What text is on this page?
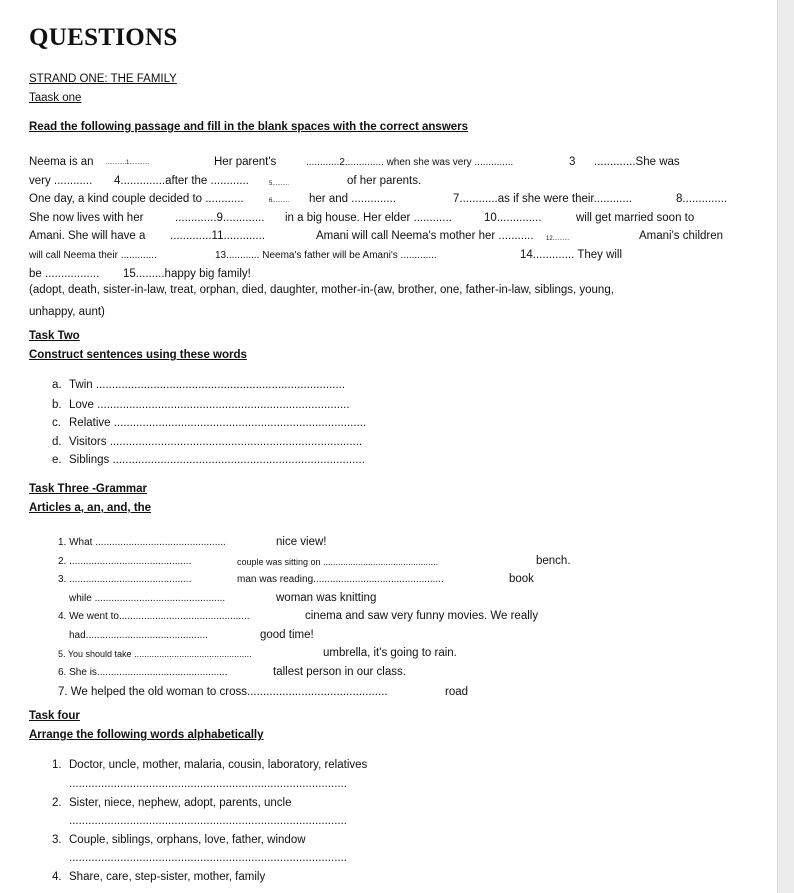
QUESTIONS
STRAND ONE: THE FAMILY
Taask one
Read the following passage and fill in the blank spaces with the correct answers
Neema is an ............1............	Her parent's	............2.............. when she was very ..............	3 .............She was
very ............ 4..............after the ............	5..........	of her parents.
One day, a kind couple decided to ............	6.......... her and ..............	7............as if she were their............	8..............
She now lives with her	.............9............. in a big house. Her elder ............	10..............	will get married soon to
Amani. She will have a .............11.............	Amani will call Neema's mother her ........... 12..........	Amani's children
will call Neema their .............	13............ Neema's father will be Amani's .............	14............. They will
be ................. 15.........happy big family!
(adopt, death, sister-in-law, treat, orphan, died, daughter, mother-in-(aw, brother, one, father-in-law, siblings, young,
unhappy, aunt)
Task Two
Construct sentences using these words
a. Twin ..............................................................................
b. Love ...............................................................................
c. Relative ...............................................................................
d. Visitors ...............................................................................
e. Siblings ...............................................................................
Task Three -Grammar
Articles a, an, and, the
1. What ...............................................	nice view!
2. ............................................	couple was sitting on ..............................................	bench.
3. ............................................	man was reading...............................................	book
while ...............................................	woman was knitting
4. We went to...............................................	cinema and saw very funny movies. We really
had............................................	good time!
5. You should take ...............................................	umbrella, it's going to rain.
6. She is...............................................	tallest person in our class.
7. We helped the old woman to cross............................................	road
Task four
Arrange the following words alphabetically
1. Doctor, uncle, mother, malaria, cousin, laboratory, relatives
.......................................................................................
2. Sister, niece, nephew, adopt, parents, uncle
.......................................................................................
3. Couple, siblings, orphans, love, father, window
.......................................................................................
4. Share, care, step-sister, mother, family
